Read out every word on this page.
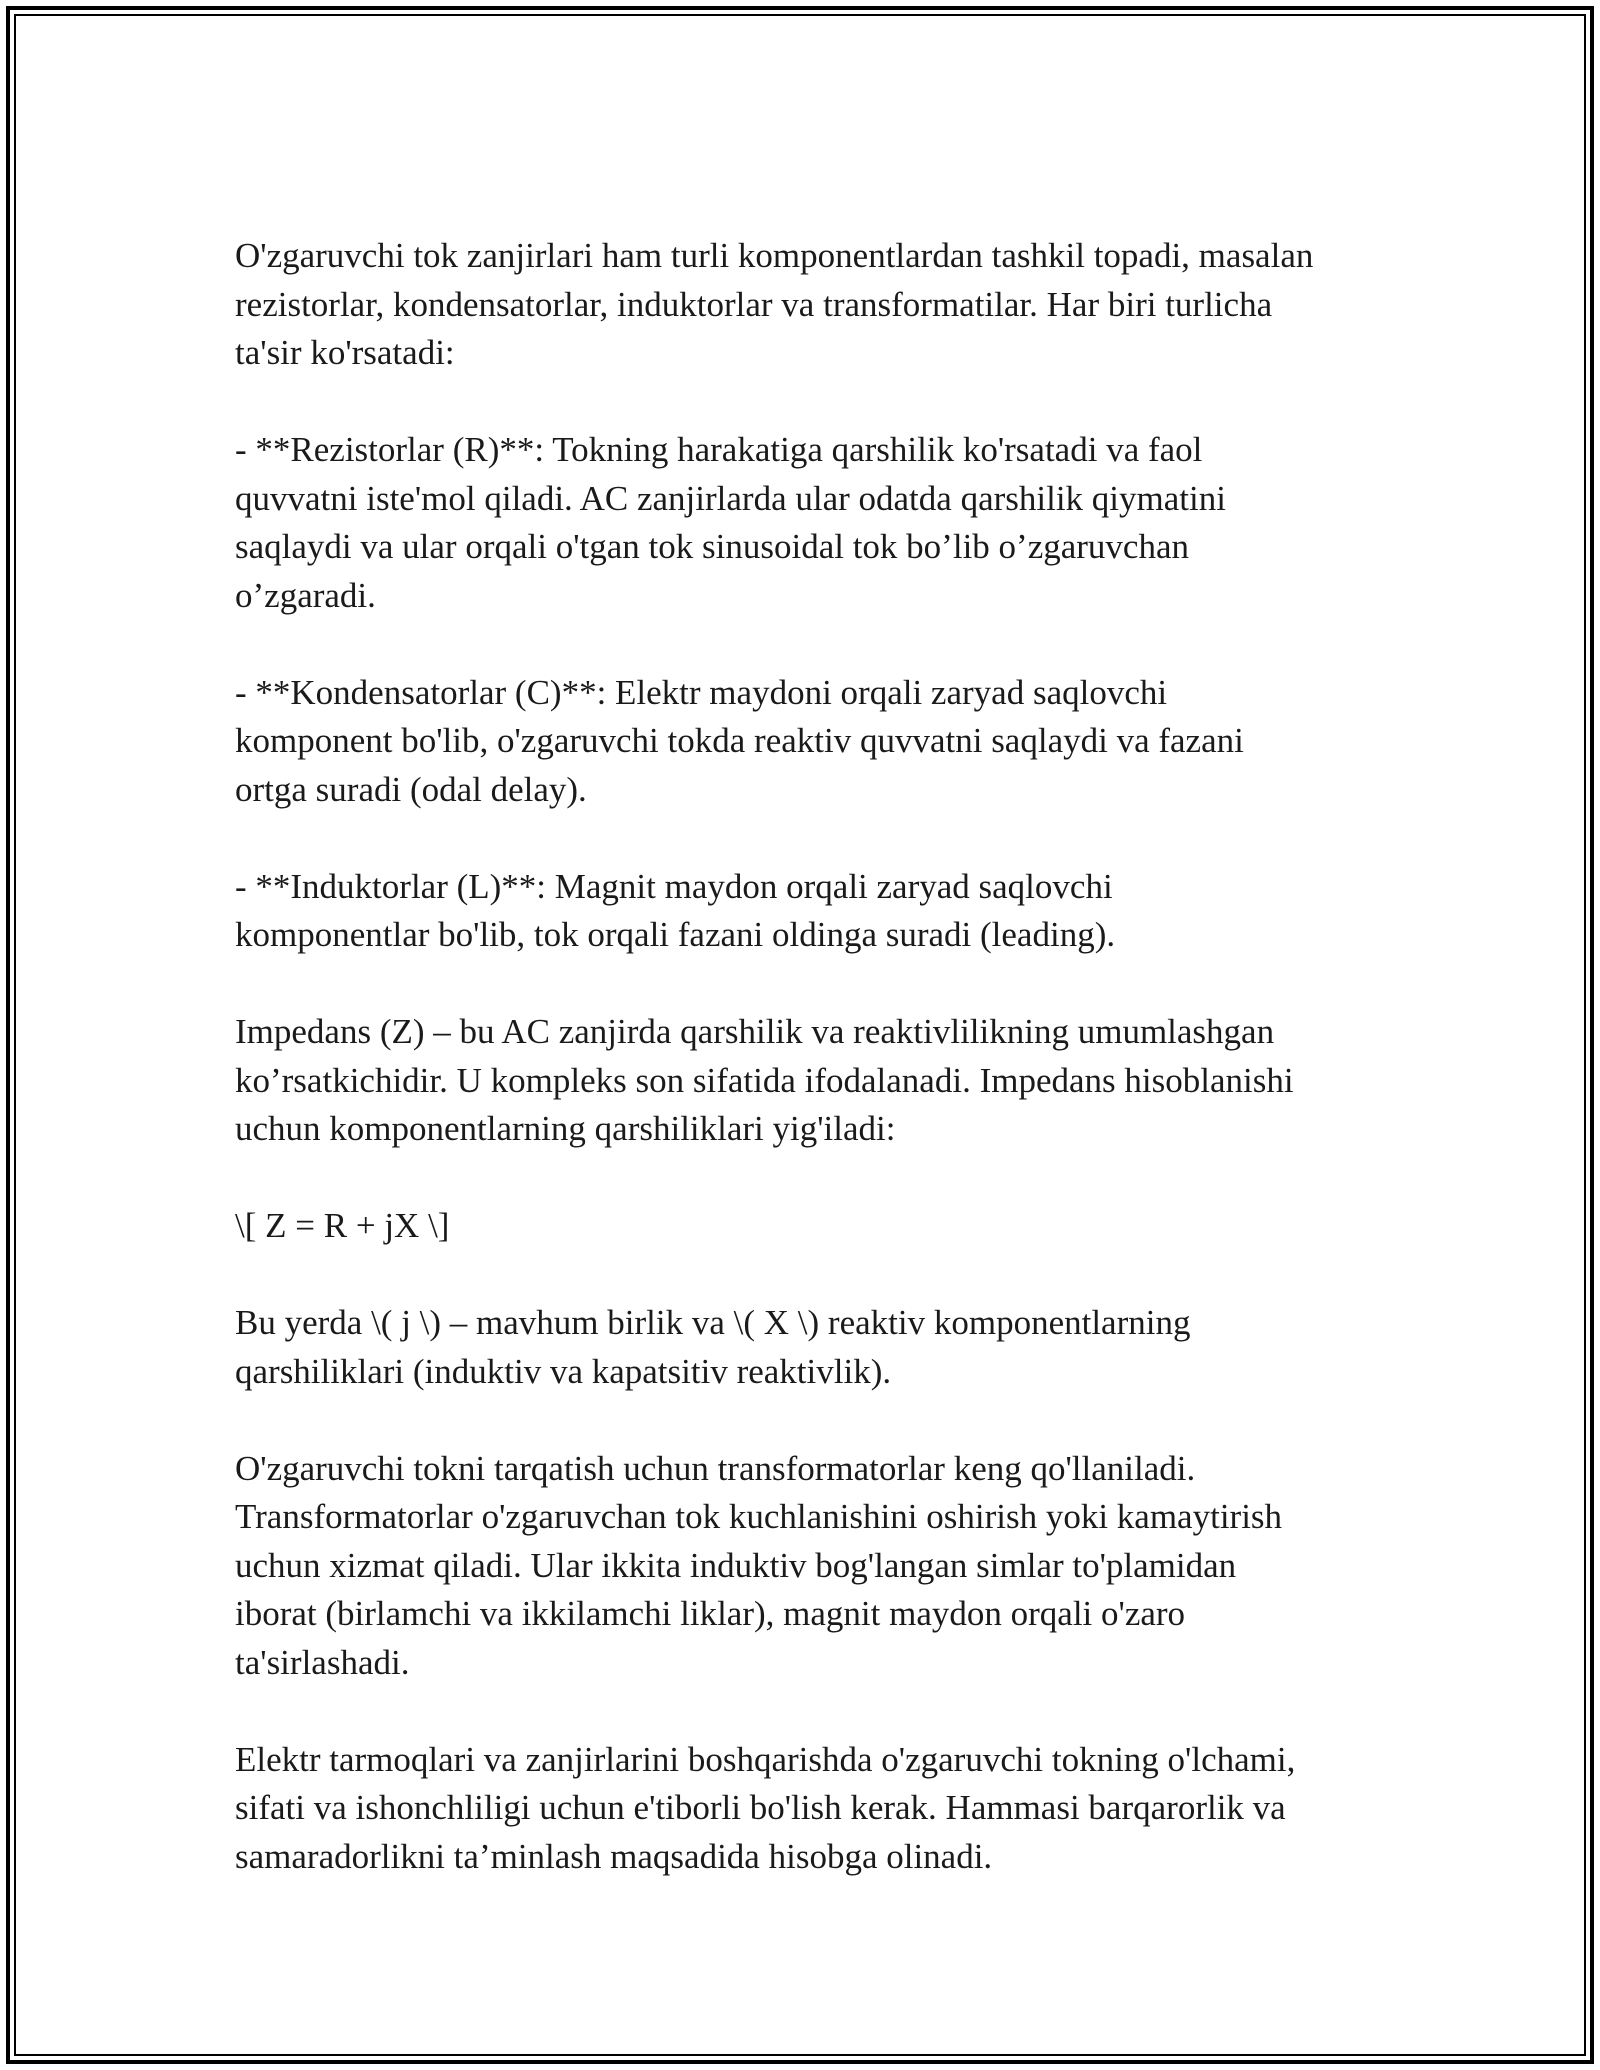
O'zgaruvchi tok zanjirlari ham turli komponentlardan tashkil topadi, masalan
rezistorlar, kondensatorlar, induktorlar va transformatilar. Har biri turlicha
ta'sir ko'rsatadi:

- **Rezistorlar (R)**: Tokning harakatiga qarshilik ko'rsatadi va faol
quvvatni iste'mol qiladi. AC zanjirlarda ular odatda qarshilik qiymatini
saqlaydi va ular orqali o'tgan tok sinusoidal tok bo’lib o’zgaruvchan
o’zgaradi.

- **Kondensatorlar (C)**: Elektr maydoni orqali zaryad saqlovchi
komponent bo'lib, o'zgaruvchi tokda reaktiv quvvatni saqlaydi va fazani
ortga suradi (odal delay).

- **Induktorlar (L)**: Magnit maydon orqali zaryad saqlovchi
komponentlar bo'lib, tok orqali fazani oldinga suradi (leading).

Impedans (Z) – bu AC zanjirda qarshilik va reaktivlilikning umumlashgan
ko’rsatkichidir. U kompleks son sifatida ifodalanadi. Impedans hisoblanishi
uchun komponentlarning qarshiliklari yig'iladi:

\[ Z = R + jX \]

Bu yerda \( j \) – mavhum birlik va \( X \) reaktiv komponentlarning
qarshiliklari (induktiv va kapatsitiv reaktivlik).

O'zgaruvchi tokni tarqatish uchun transformatorlar keng qo'llaniladi.
Transformatorlar o'zgaruvchan tok kuchlanishini oshirish yoki kamaytirish
uchun xizmat qiladi. Ular ikkita induktiv bog'langan simlar to'plamidan
iborat (birlamchi va ikkilamchi liklar), magnit maydon orqali o'zaro
ta'sirlashadi.

Elektr tarmoqlari va zanjirlarini boshqarishda o'zgaruvchi tokning o'lchami,
sifati va ishonchliligi uchun e'tiborli bo'lish kerak. Hammasi barqarorlik va
samaradorlikni ta’minlash maqsadida hisobga olinadi.
